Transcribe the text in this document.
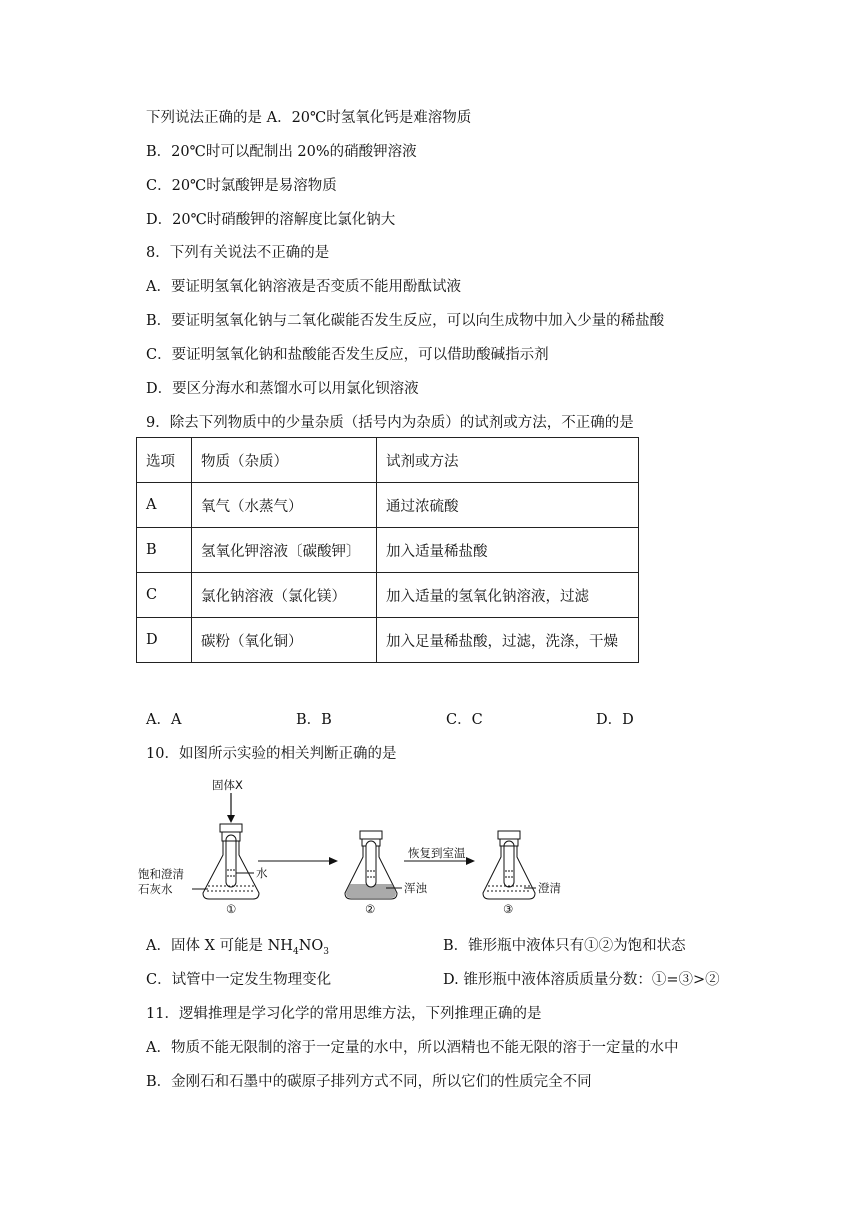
下列说法正确的是 A．20℃时氢氧化钙是难溶物质
B．20℃时可以配制出 20%的硝酸钾溶液
C．20℃时氯酸钾是易溶物质
D．20℃时硝酸钾的溶解度比氯化钠大
8．下列有关说法不正确的是
A．要证明氢氧化钠溶液是否变质不能用酚酞试液
B．要证明氢氧化钠与二氧化碳能否发生反应，可以向生成物中加入少量的稀盐酸
C．要证明氢氧化钠和盐酸能否发生反应，可以借助酸碱指示剂
D．要区分海水和蒸馏水可以用氯化钡溶液
9．除去下列物质中的少量杂质（括号内为杂质）的试剂或方法，不正确的是
选项	物质（杂质）	试剂或方法
A	氧气（水蒸气）	通过浓硫酸
B	氢氧化钾溶液〔碳酸钾〕	加入适量稀盐酸
C	氯化钠溶液（氯化镁）	加入适量的氢氧化钠溶液，过滤
D	碳粉（氧化铜）	加入足量稀盐酸，过滤，洗涤，干燥
A．A	B．B	C．C	D．D
10．如图所示实验的相关判断正确的是
固体X
水
饱和澄清
石灰水
①
浑浊
②
恢复到室温
澄清
③
A．固体 X 可能是 $NH_4NO_3$	B．锥形瓶中液体只有①②为饱和状态
C．试管中一定发生物理变化	D. 锥形瓶中液体溶质质量分数：①=③>②
11．逻辑推理是学习化学的常用思维方法，下列推理正确的是
A．物质不能无限制的溶于一定量的水中，所以酒精也不能无限的溶于一定量的水中
B．金刚石和石墨中的碳原子排列方式不同，所以它们的性质完全不同
